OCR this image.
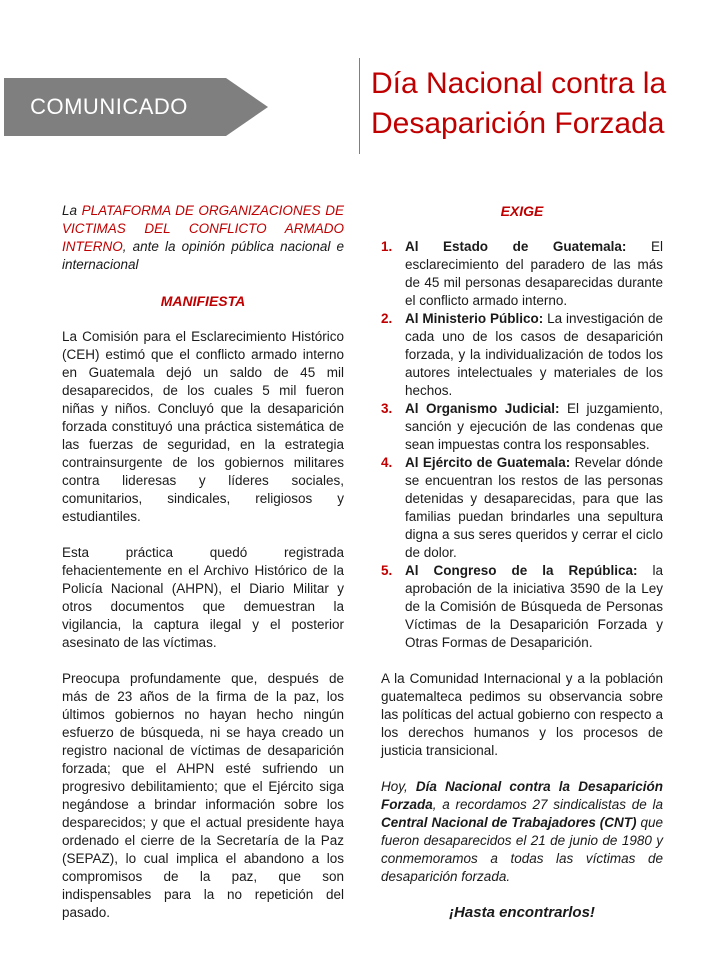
COMUNICADO
Día Nacional contra la
Desaparición Forzada

La PLATAFORMA DE ORGANIZACIONES DE VICTIMAS DEL CONFLICTO ARMADO INTERNO, ante la opinión pública nacional e internacional

MANIFIESTA

La Comisión para el Esclarecimiento Histórico (CEH) estimó que el conflicto armado interno en Guatemala dejó un saldo de 45 mil desaparecidos, de los cuales 5 mil fueron niñas y niños. Concluyó que la desaparición forzada constituyó una práctica sistemática de las fuerzas de seguridad, en la estrategia contrainsurgente de los gobiernos militares contra lideresas y líderes sociales, comunitarios, sindicales, religiosos y estudiantiles.

Esta práctica quedó registrada fehacientemente en el Archivo Histórico de la Policía Nacional (AHPN), el Diario Militar y otros documentos que demuestran la vigilancia, la captura ilegal y el posterior asesinato de las víctimas.

Preocupa profundamente que, después de más de 23 años de la firma de la paz, los últimos gobiernos no hayan hecho ningún esfuerzo de búsqueda, ni se haya creado un registro nacional de víctimas de desaparición forzada; que el AHPN esté sufriendo un progresivo debilitamiento; que el Ejército siga negándose a brindar información sobre los desparecidos; y que el actual presidente haya ordenado el cierre de la Secretaría de la Paz (SEPAZ), lo cual implica el abandono a los compromisos de la paz, que son indispensables para la no repetición del pasado.

EXIGE
1. Al Estado de Guatemala: El esclarecimiento del paradero de las más de 45 mil personas desaparecidas durante el conflicto armado interno.
2. Al Ministerio Público: La investigación de cada uno de los casos de desaparición forzada, y la individualización de todos los autores intelectuales y materiales de los hechos.
3. Al Organismo Judicial: El juzgamiento, sanción y ejecución de las condenas que sean impuestas contra los responsables.
4. Al Ejército de Guatemala: Revelar dónde se encuentran los restos de las personas detenidas y desaparecidas, para que las familias puedan brindarles una sepultura digna a sus seres queridos y cerrar el ciclo de dolor.
5. Al Congreso de la República: la aprobación de la iniciativa 3590 de la Ley de la Comisión de Búsqueda de Personas Víctimas de la Desaparición Forzada y Otras Formas de Desaparición.

A la Comunidad Internacional y a la población guatemalteca pedimos su observancia sobre las políticas del actual gobierno con respecto a los derechos humanos y los procesos de justicia transicional.

Hoy, Día Nacional contra la Desaparición Forzada, a recordamos 27 sindicalistas de la Central Nacional de Trabajadores (CNT) que fueron desaparecidos el 21 de junio de 1980 y conmemoramos a todas las víctimas de desaparición forzada.

¡Hasta encontrarlos!
